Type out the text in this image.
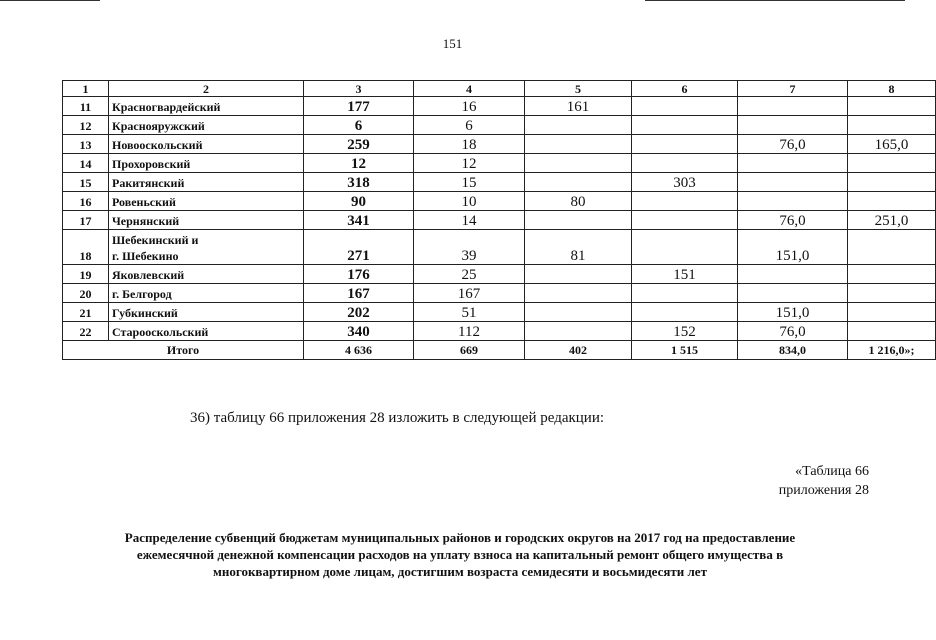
151
1	2	3	4	5	6	7	8
11	Красногвардейский	177	16	161			
12	Краснояружский	6	6				
13	Новооскольский	259	18			76,0	165,0
14	Прохоровский	12	12				
15	Ракитянский	318	15		303		
16	Ровеньский	90	10	80			
17	Чернянский	341	14			76,0	251,0
18	Шебекинский и
г. Шебекино	271	39	81		151,0	
19	Яковлевский	176	25		151		
20	г. Белгород	167	167				
21	Губкинский	202	51			151,0	
22	Старооскольский	340	112		152	76,0	
Итого		4 636	669	402	1 515	834,0	1 216,0»;
36) таблицу 66 приложения 28 изложить в следующей редакции:
«Таблица 66
приложения 28
Распределение субвенций бюджетам муниципальных районов и городских округов на 2017 год на предоставление
ежемесячной денежной компенсации расходов на уплату взноса на капитальный ремонт общего имущества в
многоквартирном доме лицам, достигшим возраста семидесяти и восьмидесяти лет
